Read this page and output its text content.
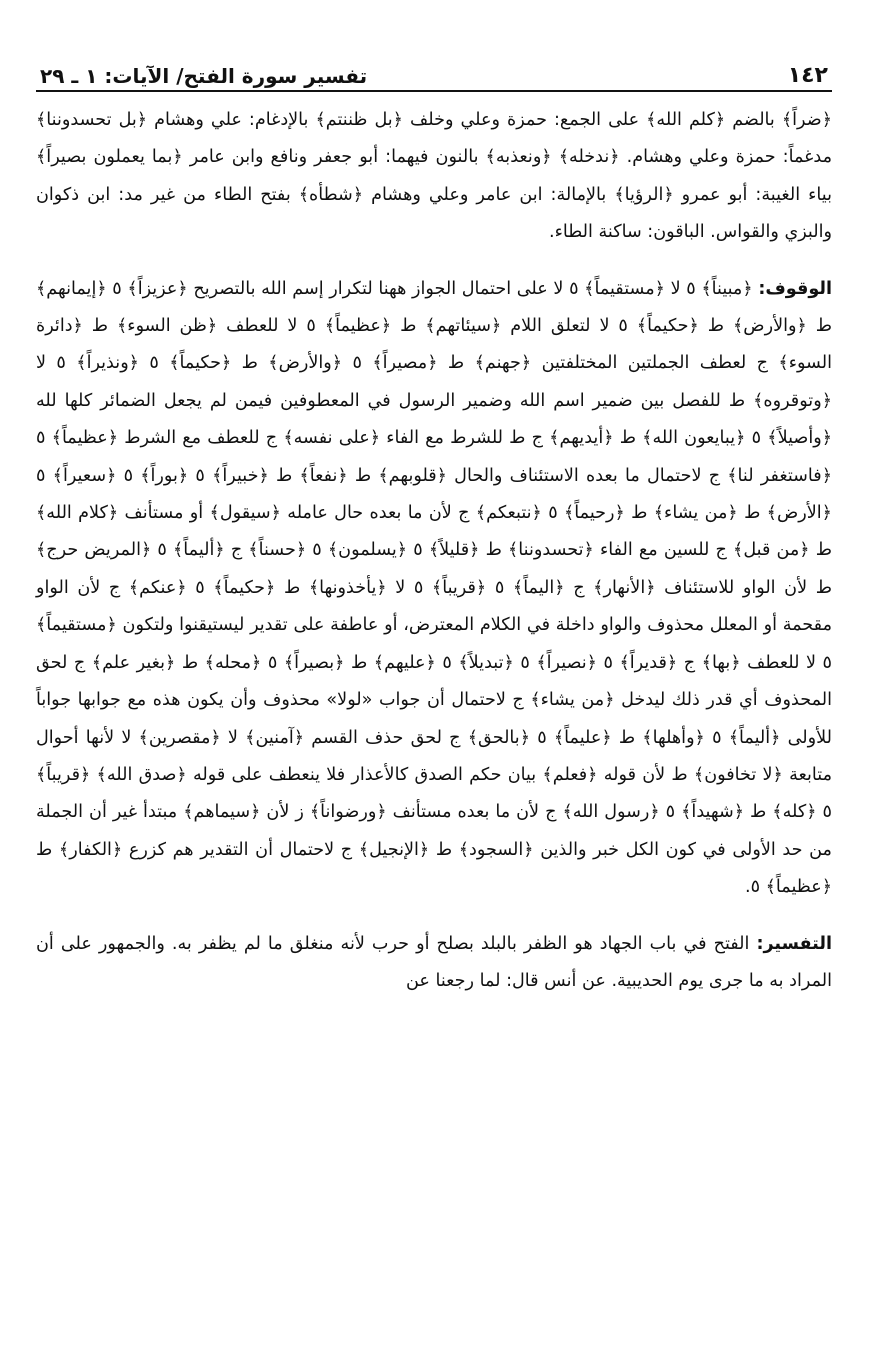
١٤٢
تفسير سورة الفتح/ الآيات: ١ ـ ٢٩

﴿ضراً﴾ بالضم ﴿كلم الله﴾ على الجمع: حمزة وعلي وخلف ﴿بل ظننتم﴾ بالإدغام: علي وهشام ﴿بل تحسدوننا﴾ مدغماً: حمزة وعلي وهشام. ﴿ندخله﴾ ﴿ونعذبه﴾ بالنون فيهما: أبو جعفر ونافع وابن عامر ﴿بما يعملون بصيراً﴾ بياء الغيبة: أبو عمرو ﴿الرؤيا﴾ بالإمالة: ابن عامر وعلي وهشام ﴿شطأه﴾ بفتح الطاء من غير مد: ابن ذكوان والبزي والقواس. الباقون: ساكنة الطاء.

الوقوف: ﴿مبيناً﴾ ٥ لا ﴿مستقيماً﴾ ٥ لا على احتمال الجواز ههنا لتكرار إسم الله بالتصريح ﴿عزيزاً﴾ ٥ ﴿إيمانهم﴾ ط ﴿والأرض﴾ ط ﴿حكيماً﴾ ٥ لا لتعلق اللام ﴿سيئاتهم﴾ ط ﴿عظيماً﴾ ٥ لا للعطف ﴿ظن السوء﴾ ط ﴿دائرة السوء﴾ ج لعطف الجملتين المختلفتين ﴿جهنم﴾ ط ﴿مصيراً﴾ ٥ ﴿والأرض﴾ ط ﴿حكيماً﴾ ٥ ﴿ونذيراً﴾ ٥ لا ﴿وتوقروه﴾ ط للفصل بين ضمير اسم الله وضمير الرسول في المعطوفين فيمن لم يجعل الضمائر كلها لله ﴿وأصيلاً﴾ ٥ ﴿يبايعون الله﴾ ط ﴿أيديهم﴾ ج ط للشرط مع الفاء ﴿على نفسه﴾ ج للعطف مع الشرط ﴿عظيماً﴾ ٥ ﴿فاستغفر لنا﴾ ج لاحتمال ما بعده الاستئناف والحال ﴿قلوبهم﴾ ط ﴿نفعاً﴾ ط ﴿خبيراً﴾ ٥ ﴿بوراً﴾ ٥ ﴿سعيراً﴾ ٥ ﴿الأرض﴾ ط ﴿من يشاء﴾ ط ﴿رحيماً﴾ ٥ ﴿نتبعكم﴾ ج لأن ما بعده حال عامله ﴿سيقول﴾ أو مستأنف ﴿كلام الله﴾ ط ﴿من قبل﴾ ج للسين مع الفاء ﴿تحسدوننا﴾ ط ﴿قليلاً﴾ ٥ ﴿يسلمون﴾ ٥ ﴿حسناً﴾ ج ﴿أليماً﴾ ٥ ﴿المريض حرج﴾ ط لأن الواو للاستئناف ﴿الأنهار﴾ ج ﴿اليماً﴾ ٥ ﴿قريباً﴾ ٥ لا ﴿يأخذونها﴾ ط ﴿حكيماً﴾ ٥ ﴿عنكم﴾ ج لأن الواو مقحمة أو المعلل محذوف والواو داخلة في الكلام المعترض، أو عاطفة على تقدير ليستيقنوا ولتكون ﴿مستقيماً﴾ ٥ لا للعطف ﴿بها﴾ ج ﴿قديراً﴾ ٥ ﴿نصيراً﴾ ٥ ﴿تبديلاً﴾ ٥ ﴿عليهم﴾ ط ﴿بصيراً﴾ ٥ ﴿محله﴾ ط ﴿بغير علم﴾ ج لحق المحذوف أي قدر ذلك ليدخل ﴿من يشاء﴾ ج لاحتمال أن جواب «لولا» محذوف وأن يكون هذه مع جوابها جواباً للأولى ﴿أليماً﴾ ٥ ﴿وأهلها﴾ ط ﴿عليماً﴾ ٥ ﴿بالحق﴾ ج لحق حذف القسم ﴿آمنين﴾ لا ﴿مقصرين﴾ لا لأنها أحوال متابعة ﴿لا تخافون﴾ ط لأن قوله ﴿فعلم﴾ بيان حكم الصدق كالأعذار فلا ينعطف على قوله ﴿صدق الله﴾ ﴿قريباً﴾ ٥ ﴿كله﴾ ط ﴿شهيداً﴾ ٥ ﴿رسول الله﴾ ج لأن ما بعده مستأنف ﴿ورضواناً﴾ ز لأن ﴿سيماهم﴾ مبتدأ غير أن الجملة من حد الأولى في كون الكل خبر والذين ﴿السجود﴾ ط ﴿الإنجيل﴾ ج لاحتمال أن التقدير هم كزرع ﴿الكفار﴾ ط ﴿عظيماً﴾ ٥.

التفسير: الفتح في باب الجهاد هو الظفر بالبلد بصلح أو حرب لأنه منغلق ما لم يظفر به. والجمهور على أن المراد به ما جرى يوم الحديبية. عن أنس قال: لما رجعنا عن
